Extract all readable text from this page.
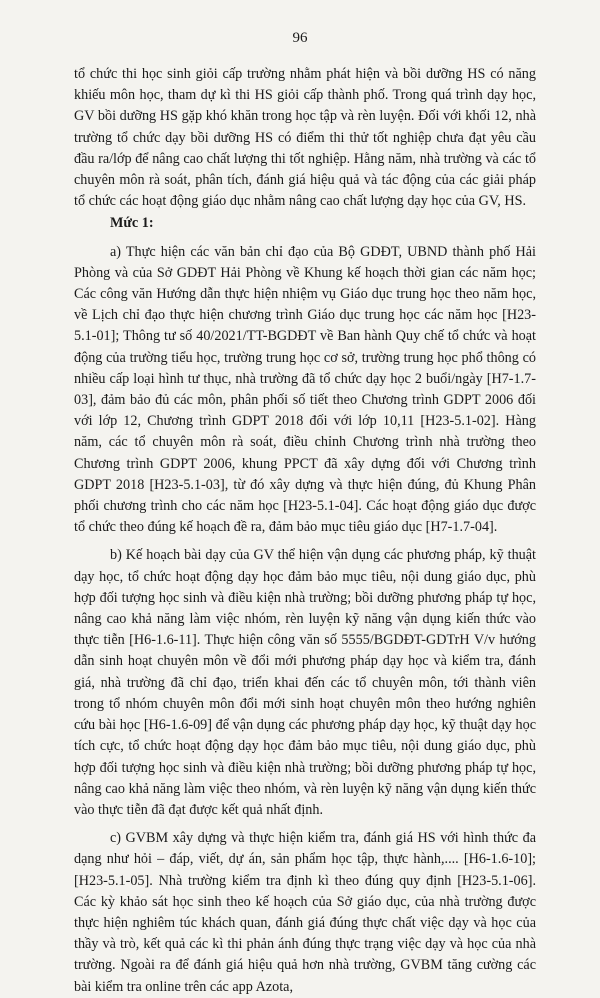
96

tổ chức thi học sinh giỏi cấp trường nhằm phát hiện và bồi dưỡng HS có năng khiếu môn học, tham dự kì thi HS giỏi cấp thành phố. Trong quá trình dạy học, GV bồi dưỡng HS gặp khó khăn trong học tập và rèn luyện. Đối với khối 12, nhà trường tổ chức dạy bồi dưỡng HS có điểm thi thử tốt nghiệp chưa đạt yêu cầu đầu ra/lớp để nâng cao chất lượng thi tốt nghiệp. Hằng năm, nhà trường và các tổ chuyên môn rà soát, phân tích, đánh giá hiệu quả và tác động của các giải pháp tổ chức các hoạt động giáo dục nhằm nâng cao chất lượng dạy học của GV, HS.

Mức 1:

a) Thực hiện các văn bản chỉ đạo của Bộ GDĐT, UBND thành phố Hải Phòng và của Sở GDĐT Hải Phòng về Khung kế hoạch thời gian các năm học; Các công văn Hướng dẫn thực hiện nhiệm vụ Giáo dục trung học theo năm học, về Lịch chỉ đạo thực hiện chương trình Giáo dục trung học các năm học [H23-5.1-01]; Thông tư số 40/2021/TT-BGDĐT về Ban hành Quy chế tổ chức và hoạt động của trường tiểu học, trường trung học cơ sở, trường trung học phổ thông có nhiều cấp loại hình tư thục, nhà trường đã tổ chức dạy học 2 buổi/ngày [H7-1.7-03], đảm bảo đủ các môn, phân phối số tiết theo Chương trình GDPT 2006 đối với lớp 12, Chương trình GDPT 2018 đối với lớp 10,11 [H23-5.1-02]. Hàng năm, các tổ chuyên môn rà soát, điều chỉnh Chương trình nhà trường theo Chương trình GDPT 2006, khung PPCT đã xây dựng đối với Chương trình GDPT 2018 [H23-5.1-03], từ đó xây dựng và thực hiện đúng, đủ Khung Phân phối chương trình cho các năm học [H23-5.1-04]. Các hoạt động giáo dục được tổ chức theo đúng kế hoạch đề ra, đảm bảo mục tiêu giáo dục [H7-1.7-04].

b) Kế hoạch bài dạy của GV thể hiện vận dụng các phương pháp, kỹ thuật dạy học, tổ chức hoạt động dạy học đảm bảo mục tiêu, nội dung giáo dục, phù hợp đối tượng học sinh và điều kiện nhà trường; bồi dưỡng phương pháp tự học, nâng cao khả năng làm việc nhóm, rèn luyện kỹ năng vận dụng kiến thức vào thực tiễn [H6-1.6-11]. Thực hiện công văn số 5555/BGDĐT-GDTrH V/v hướng dẫn sinh hoạt chuyên môn về đổi mới phương pháp dạy học và kiểm tra, đánh giá, nhà trường đã chỉ đạo, triển khai đến các tổ chuyên môn, tới thành viên trong tổ nhóm chuyên môn đổi mới sinh hoạt chuyên môn theo hướng nghiên cứu bài học [H6-1.6-09] để vận dụng các phương pháp dạy học, kỹ thuật dạy học tích cực, tổ chức hoạt động dạy học đảm bảo mục tiêu, nội dung giáo dục, phù hợp đối tượng học sinh và điều kiện nhà trường; bồi dưỡng phương pháp tự học, nâng cao khả năng làm việc theo nhóm, và rèn luyện kỹ năng vận dụng kiến thức vào thực tiễn đã đạt được kết quả nhất định.

c) GVBM xây dựng và thực hiện kiểm tra, đánh giá HS với hình thức đa dạng như hỏi – đáp, viết, dự án, sản phẩm học tập, thực hành,.... [H6-1.6-10]; [H23-5.1-05]. Nhà trường kiểm tra định kì theo đúng quy định [H23-5.1-06]. Các kỳ khảo sát học sinh theo kế hoạch của Sở giáo dục, của nhà trường được thực hiện nghiêm túc khách quan, đánh giá đúng thực chất việc dạy và học của thầy và trò, kết quả các kì thi phản ánh đúng thực trạng việc dạy và học của nhà trường. Ngoài ra để đánh giá hiệu quả hơn nhà trường, GVBM tăng cường các bài kiểm tra online trên các app Azota,
